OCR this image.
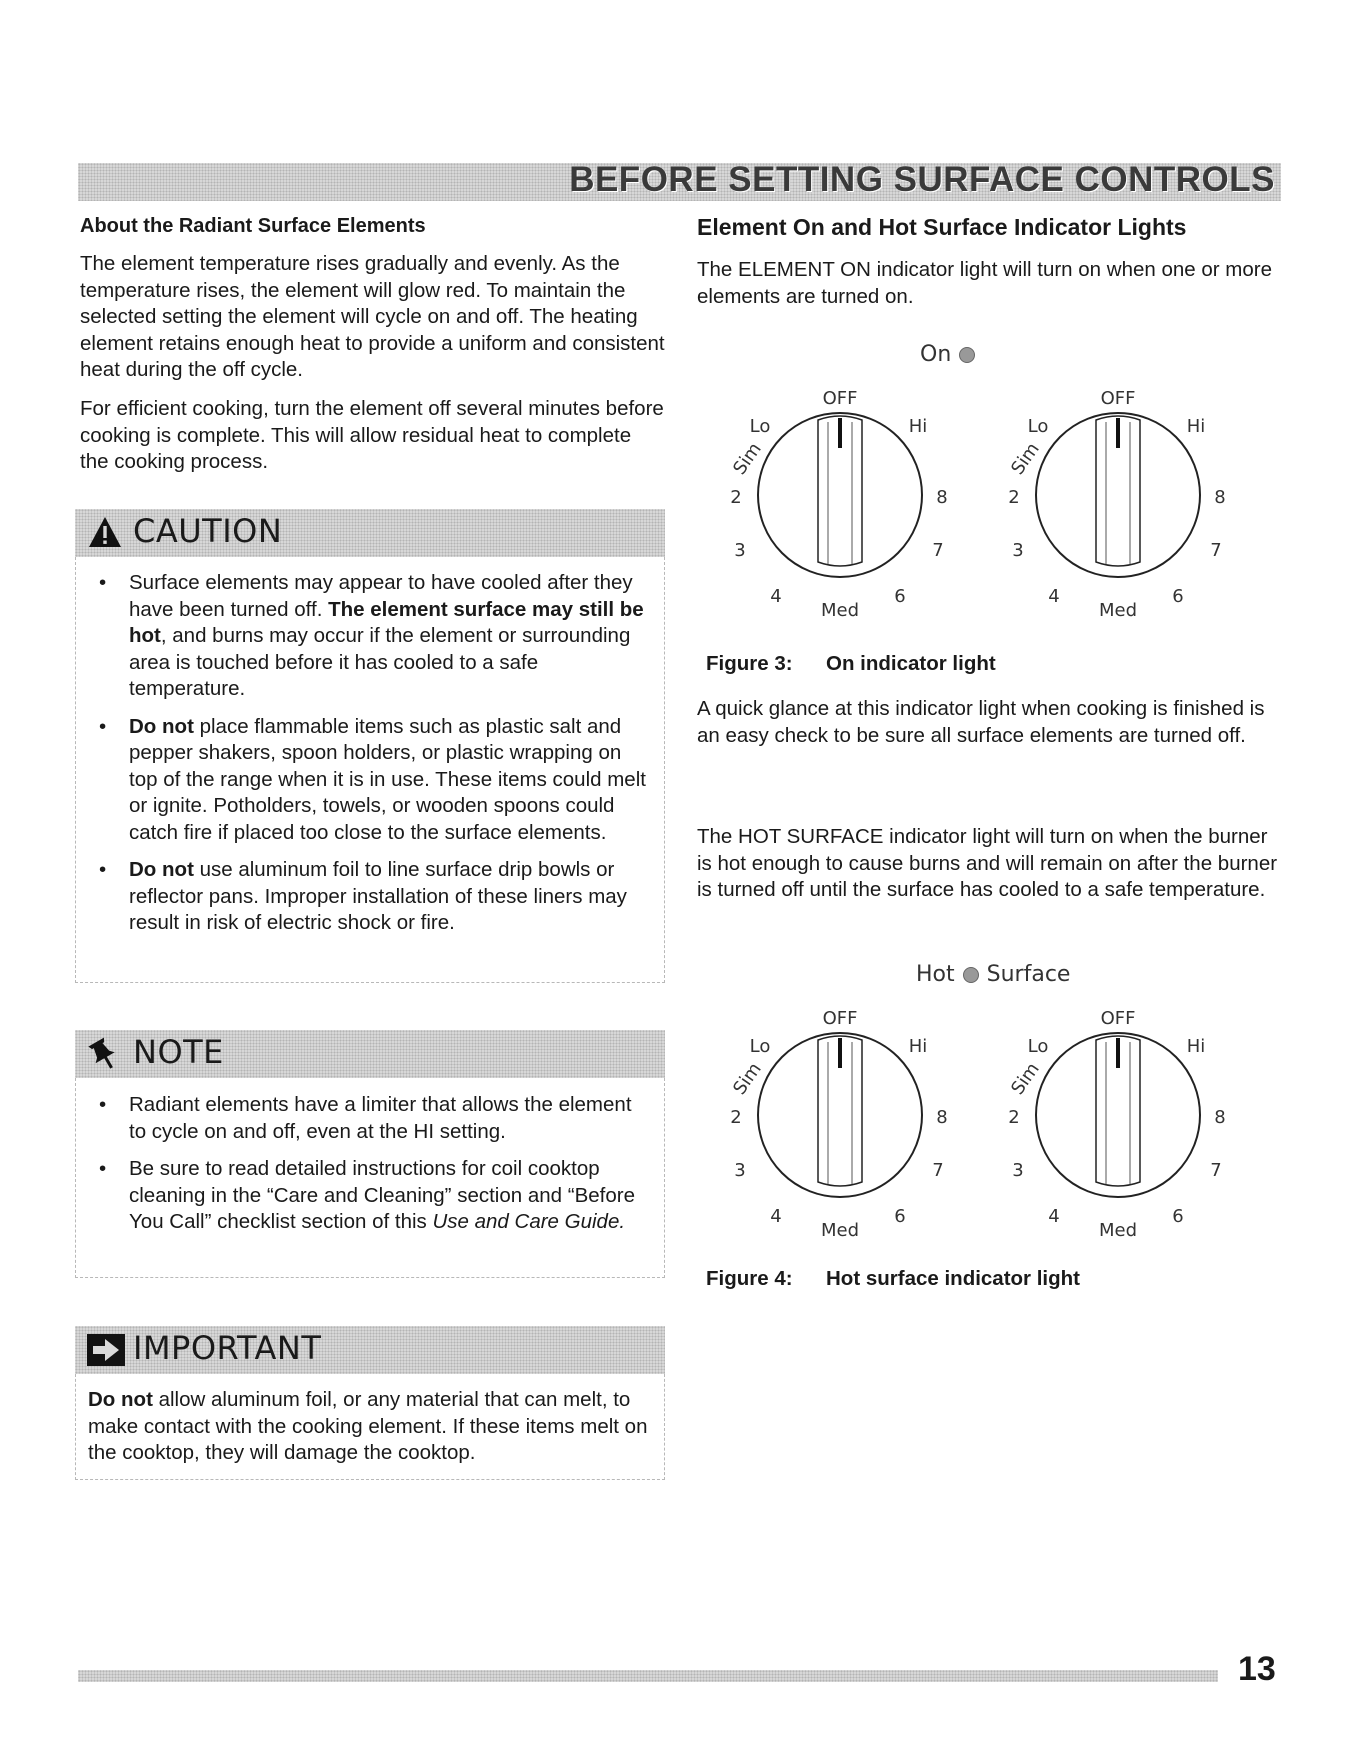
BEFORE SETTING SURFACE CONTROLS
About the Radiant Surface Elements

The element temperature rises gradually and evenly. As the temperature rises, the element will glow red. To maintain the selected setting the element will cycle on and off. The heating element retains enough heat to provide a uniform and consistent heat during the off cycle.

For efficient cooking, turn the element off several minutes before cooking is complete. This will allow residual heat to complete the cooking process.

CAUTION
• Surface elements may appear to have cooled after they have been turned off. The element surface may still be hot, and burns may occur if the element or surrounding area is touched before it has cooled to a safe temperature.
• Do not place flammable items such as plastic salt and pepper shakers, spoon holders, or plastic wrapping on top of the range when it is in use. These items could melt or ignite. Potholders, towels, or wooden spoons could catch fire if placed too close to the surface elements.
• Do not use aluminum foil to line surface drip bowls or reflector pans. Improper installation of these liners may result in risk of electric shock or fire.
NOTE
• Radiant elements have a limiter that allows the element to cycle on and off, even at the HI setting.
• Be sure to read detailed instructions for coil cooktop cleaning in the “Care and Cleaning” section and “Before You Call” checklist section of this Use and Care Guide.
IMPORTANT

Do not allow aluminum foil, or any material that can melt, to make contact with the cooking element. If these items melt on the cooktop, they will damage the cooktop.

Element On and Hot Surface Indicator Lights

The ELEMENT ON indicator light will turn on when one or more elements are turned on.

On
OFF
Lo	Hi
Sim
2	8
3	7
4
Med
6
OFF
Lo	Hi
Sim
2	8
3	7
4
Med
6
Figure 3: On indicator light

A quick glance at this indicator light when cooking is finished is an easy check to be sure all surface elements are turned off.

The HOT SURFACE indicator light will turn on when the burner is hot enough to cause burns and will remain on after the burner is turned off until the surface has cooled to a safe temperature.

Hot Surface
OFF
Lo	Hi
Sim
2	8
3	7
4
Med
6
OFF
Lo	Hi
Sim
2	8
3	7
4
Med
6
Figure 4: Hot surface indicator light
13
